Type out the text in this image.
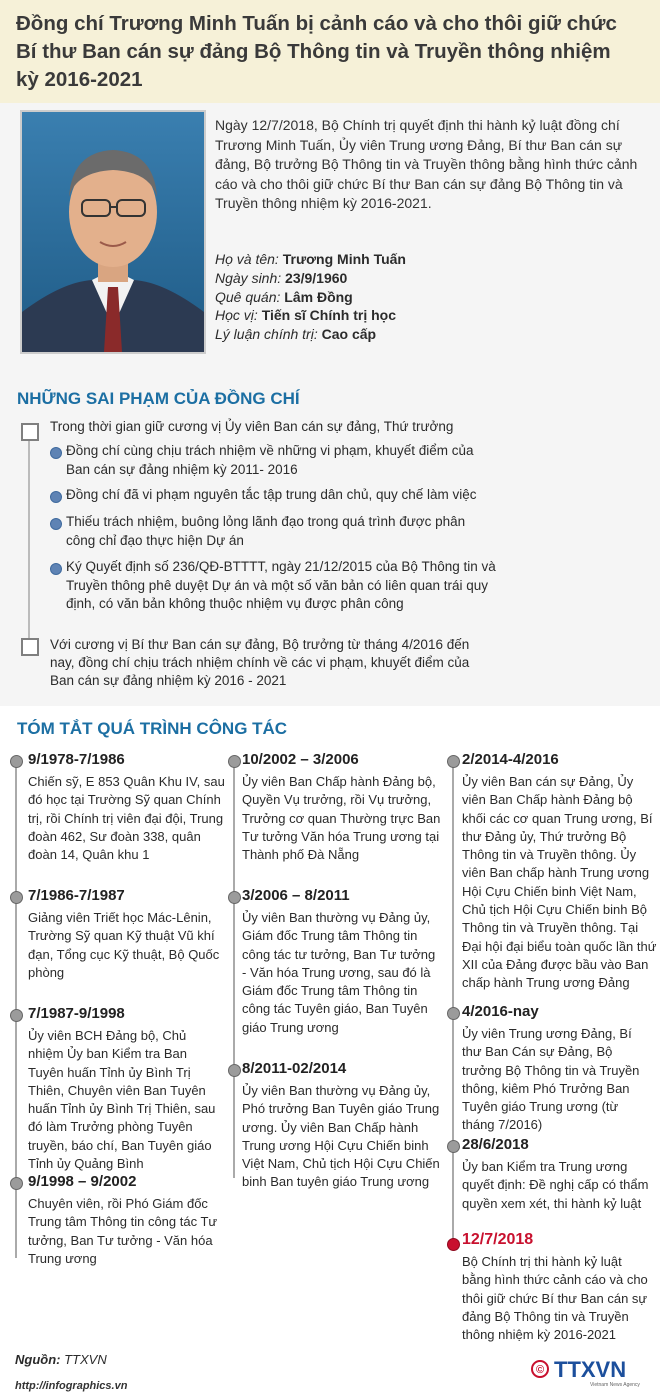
Đồng chí Trương Minh Tuấn bị cảnh cáo và cho thôi giữ chức Bí thư Ban cán sự đảng Bộ Thông tin và Truyền thông nhiệm kỳ 2016-2021
Ngày 12/7/2018, Bộ Chính trị quyết định thi hành kỷ luật đồng chí Trương Minh Tuấn, Ủy viên Trung ương Đảng, Bí thư Ban cán sự đảng, Bộ trưởng Bộ Thông tin và Truyền thông bằng hình thức cảnh cáo và cho thôi giữ chức Bí thư Ban cán sự đảng Bộ Thông tin và Truyền thông nhiệm kỳ 2016-2021.
Họ và tên: Trương Minh Tuấn
Ngày sinh: 23/9/1960
Quê quán: Lâm Đồng
Học vị: Tiến sĩ Chính trị học
Lý luận chính trị: Cao cấp
NHỮNG SAI PHẠM CỦA ĐỒNG CHÍ
Trong thời gian giữ cương vị Ủy viên Ban cán sự đảng, Thứ trưởng
Đồng chí cùng chịu trách nhiệm về những vi phạm, khuyết điểm của Ban cán sự đảng nhiệm kỳ 2011- 2016
Đồng chí đã vi phạm nguyên tắc tập trung dân chủ, quy chế làm việc
Thiếu trách nhiệm, buông lỏng lãnh đạo trong quá trình được phân công chỉ đạo thực hiện Dự án
Ký Quyết định số 236/QĐ-BTTTT, ngày 21/12/2015 của Bộ Thông tin và Truyền thông phê duyệt Dự án và một số văn bản có liên quan trái quy định, có văn bản không thuộc nhiệm vụ được phân công
Với cương vị Bí thư Ban cán sự đảng, Bộ trưởng từ tháng 4/2016 đến nay, đồng chí chịu trách nhiệm chính về các vi phạm, khuyết điểm của Ban cán sự đảng nhiệm kỳ 2016 - 2021
TÓM TẮT QUÁ TRÌNH CÔNG TÁC
9/1978-7/1986
Chiến sỹ, E 853 Quân Khu IV, sau đó học tại Trường Sỹ quan Chính trị, rồi Chính trị viên đại đội, Trung đoàn 462, Sư đoàn 338, quân đoàn 14, Quân khu 1
7/1986-7/1987
Giảng viên Triết học Mác-Lênin, Trường Sỹ quan Kỹ thuật Vũ khí đạn, Tổng cục Kỹ thuật, Bộ Quốc phòng
7/1987-9/1998
Ủy viên BCH Đảng bộ, Chủ nhiệm Ủy ban Kiểm tra Ban Tuyên huấn Tỉnh ủy Bình Trị Thiên, Chuyên viên Ban Tuyên huấn Tỉnh ủy Bình Trị Thiên, sau đó làm Trưởng phòng Tuyên truyền, báo chí, Ban Tuyên giáo Tỉnh ủy Quảng Bình
9/1998 – 9/2002
Chuyên viên, rồi Phó Giám đốc Trung tâm Thông tin công tác Tư tưởng, Ban Tư tưởng - Văn hóa Trung ương
10/2002 – 3/2006
Ủy viên Ban Chấp hành Đảng bộ, Quyền Vụ trưởng, rồi Vụ trưởng, Trưởng cơ quan Thường trực Ban Tư tưởng Văn hóa Trung ương tại Thành phố Đà Nẵng
3/2006 – 8/2011
Ủy viên Ban thường vụ Đảng ủy, Giám đốc Trung tâm Thông tin công tác tư tưởng, Ban Tư tưởng - Văn hóa Trung ương, sau đó là Giám đốc Trung tâm Thông tin công tác Tuyên giáo, Ban Tuyên giáo Trung ương
8/2011-02/2014
Ủy viên Ban thường vụ Đảng ủy, Phó trưởng Ban Tuyên giáo Trung ương. Ủy viên Ban Chấp hành Trung ương Hội Cựu Chiến binh Việt Nam, Chủ tịch Hội Cựu Chiến binh Ban tuyên giáo Trung ương
2/2014-4/2016
Ủy viên Ban cán sự Đảng, Ủy viên Ban Chấp hành Đảng bộ khối các cơ quan Trung ương, Bí thư Đảng ủy, Thứ trưởng Bộ Thông tin và Truyền thông. Ủy viên Ban chấp hành Trung ương Hội Cựu Chiến binh Việt Nam, Chủ tịch Hội Cựu Chiến binh Bộ Thông tin và Truyền thông. Tại Đại hội đại biểu toàn quốc lần thứ XII của Đảng được bầu vào Ban chấp hành Trung ương Đảng
4/2016-nay
Ủy viên Trung ương Đảng, Bí thư Ban Cán sự Đảng, Bộ trưởng Bộ Thông tin và Truyền thông, kiêm Phó Trưởng Ban Tuyên giáo Trung ương (từ tháng 7/2016)
28/6/2018
Ủy ban Kiểm tra Trung ương quyết định: Đề nghị cấp có thẩm quyền xem xét, thi hành kỷ luật
12/7/2018
Bộ Chính trị thi hành kỷ luật bằng hình thức cảnh cáo và cho thôi giữ chức Bí thư Ban cán sự đảng Bộ Thông tin và Truyền thông nhiệm kỳ 2016-2021
Nguồn: TTXVN
http://infographics.vn
© TTXVN
Vietnam News Agency
